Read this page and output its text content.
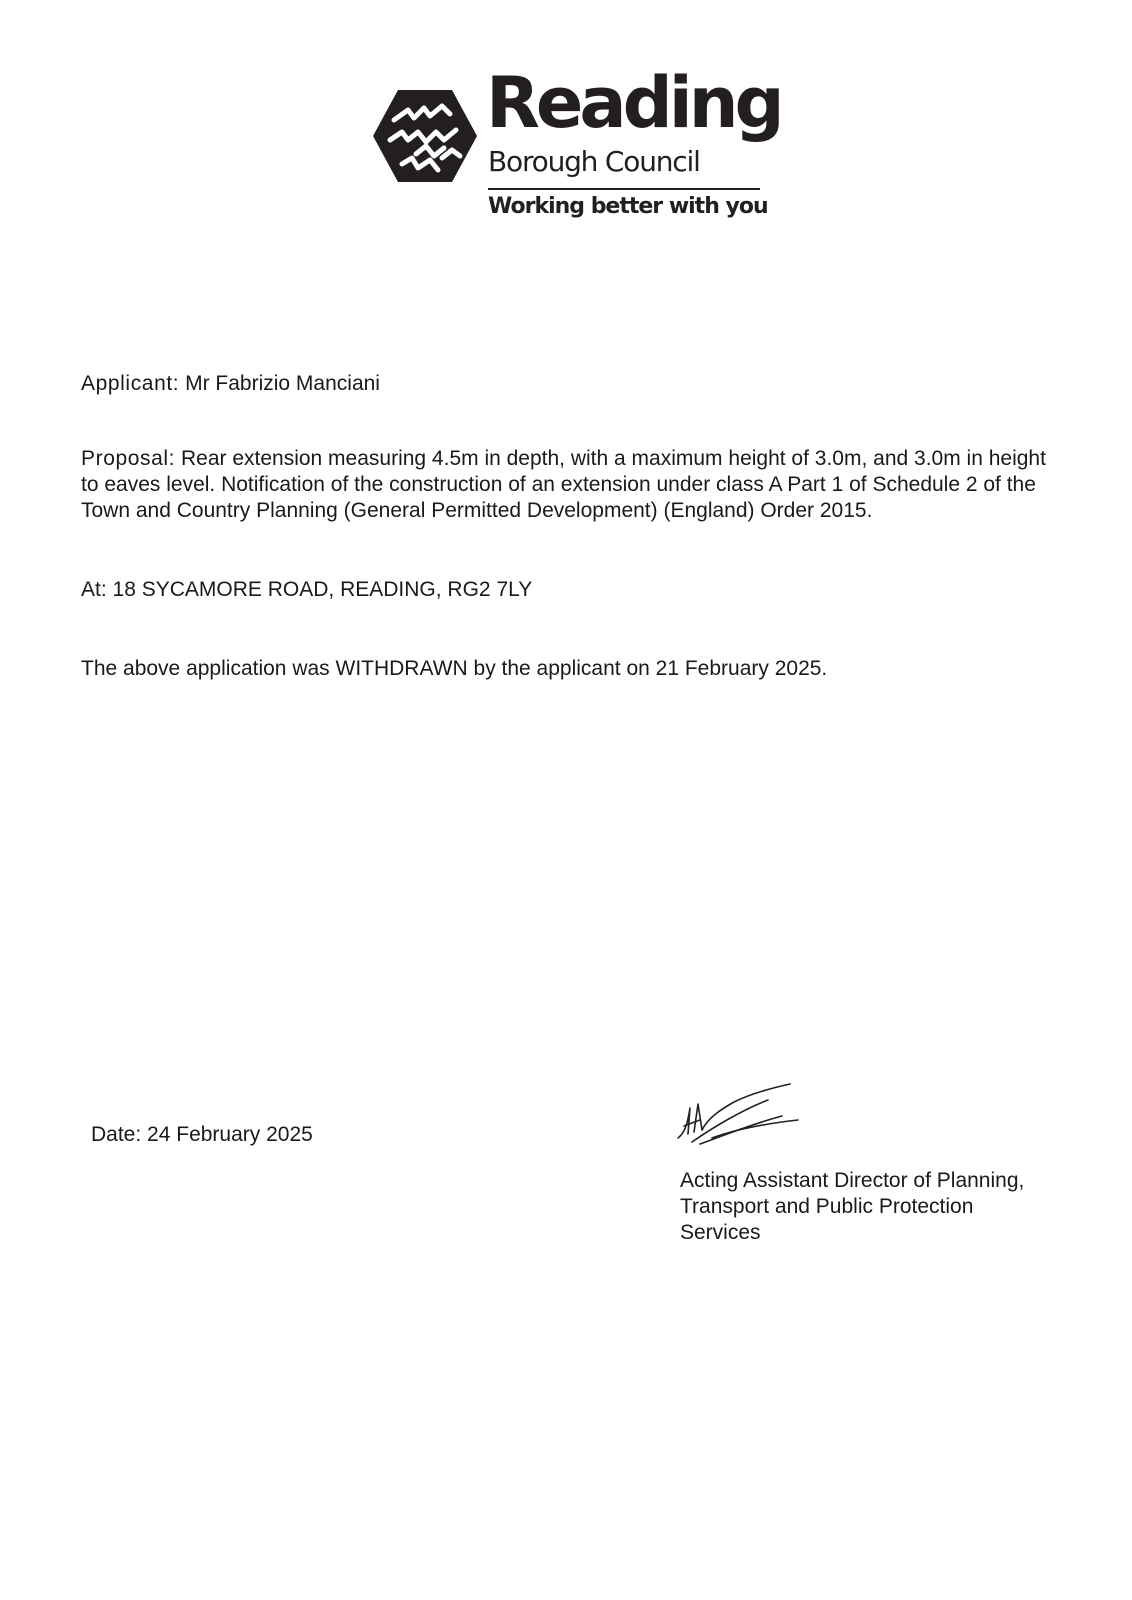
Reading
Borough Council
Working better with you
Applicant: Mr Fabrizio Manciani
Proposal: Rear extension measuring 4.5m in depth, with a maximum height of 3.0m, and 3.0m in height to eaves level. Notification of the construction of an extension under class A Part 1 of Schedule 2 of the Town and Country Planning (General Permitted Development) (England) Order 2015.
At: 18 SYCAMORE ROAD, READING, RG2 7LY
The above application was WITHDRAWN by the applicant on 21 February 2025.
Date: 24 February 2025
Acting Assistant Director of Planning,
Transport and Public Protection
Services
